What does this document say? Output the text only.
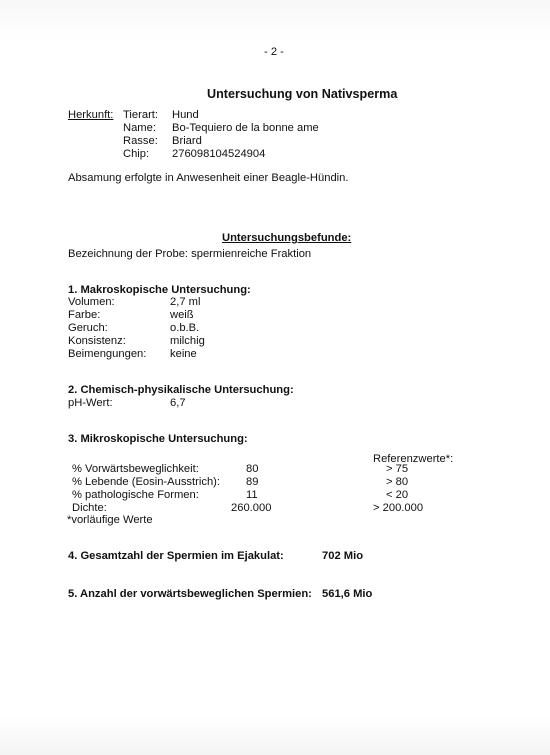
- 2 -
Untersuchung von Nativsperma
Herkunft: Tierart: Hund
Name: Bo-Tequiero de la bonne ame
Rasse: Briard
Chip: 276098104524904
Absamung erfolgte in Anwesenheit einer Beagle-Hündin.
Untersuchungsbefunde:
Bezeichnung der Probe: spermienreiche Fraktion
1. Makroskopische Untersuchung:
Volumen:	2,7 ml
Farbe:	weiß
Geruch:	o.b.B.
Konsistenz:	milchig
Beimengungen: keine
2. Chemisch-physikalische Untersuchung:
pH-Wert:	6,7
3. Mikroskopische Untersuchung:
Referenzwerte*:
% Vorwärtsbeweglichkeit:	80	> 75
% Lebende (Eosin-Ausstrich): 89	> 80
% pathologische Formen:	11	< 20
Dichte:	260.000	> 200.000
*vorläufige Werte
4. Gesamtzahl der Spermien im Ejakulat:	702 Mio
5. Anzahl der vorwärtsbeweglichen Spermien: 561,6 Mio
